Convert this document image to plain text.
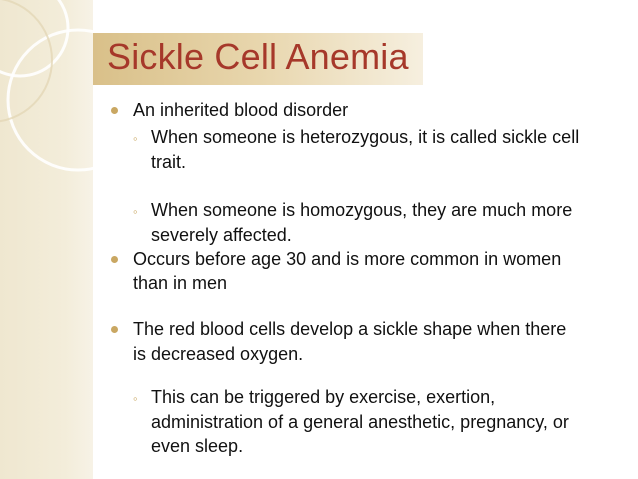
Sickle Cell Anemia
An inherited blood disorder
◦ When someone is heterozygous, it is called sickle cell
trait.
◦ When someone is homozygous, they are much more
severely affected.
Occurs before age 30 and is more common in women
than in men
The red blood cells develop a sickle shape when there
is decreased oxygen.
◦ This can be triggered by exercise, exertion,
administration of a general anesthetic, pregnancy, or
even sleep.
